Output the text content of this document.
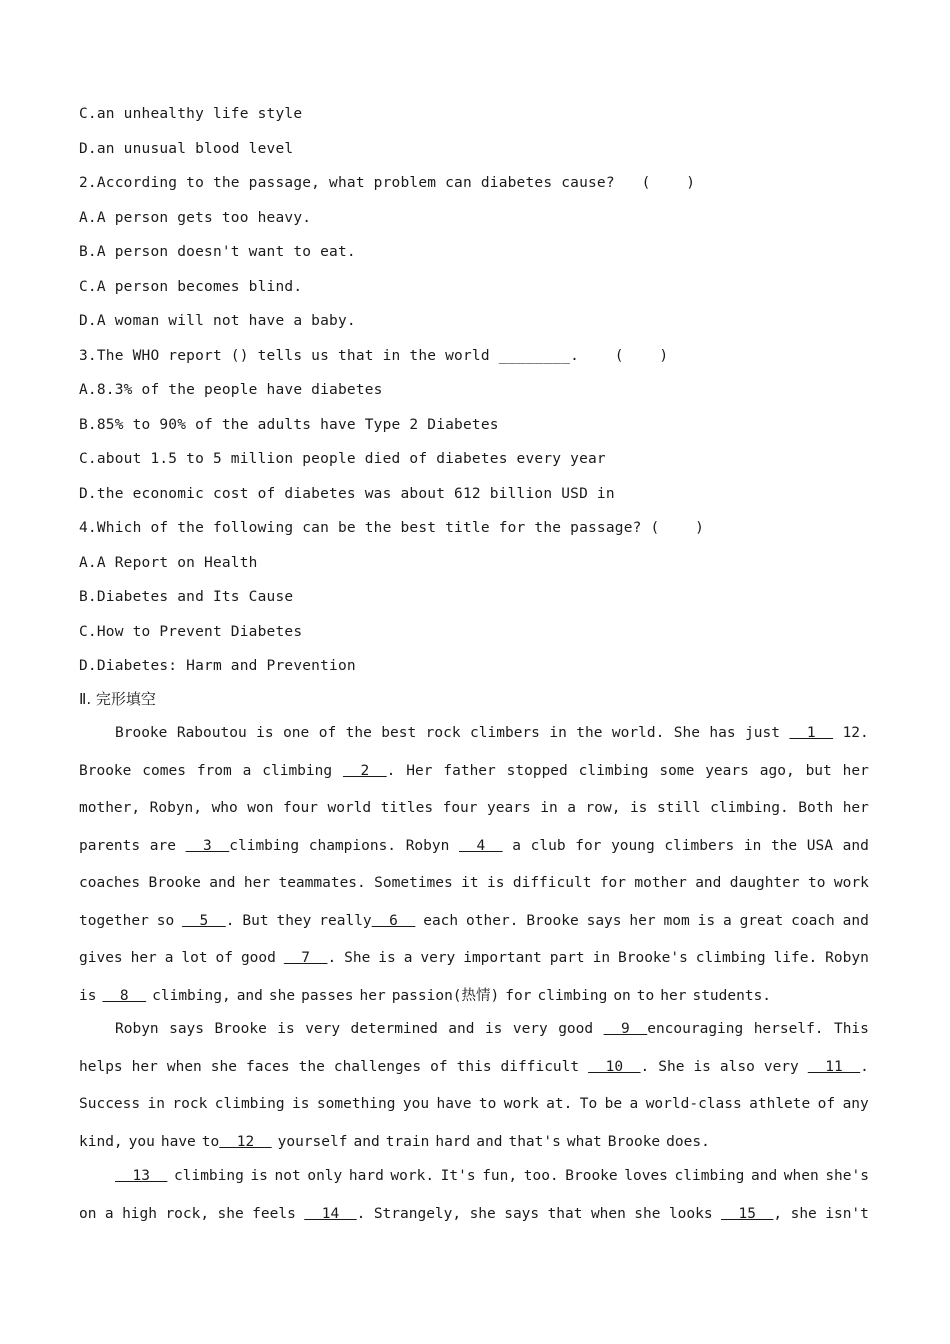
C.an unhealthy life style
D.an unusual blood level
2.According to the passage, what problem can diabetes cause?   (    )
A.A person gets too heavy.
B.A person doesn't want to eat.
C.A person becomes blind.
D.A woman will not have a baby.
3.The WHO report () tells us that in the world ________.    (    )
A.8.3% of the people have diabetes
B.85% to 90% of the adults have Type 2 Diabetes
C.about 1.5 to 5 million people died of diabetes every year
D.the economic cost of diabetes was about 612 billion USD in
4.Which of the following can be the best title for the passage? (    )
A.A Report on Health
B.Diabetes and Its Cause
C.How to Prevent Diabetes
D.Diabetes: Harm and Prevention
Ⅱ. 完形填空
Brooke Raboutou is one of the best rock climbers in the world. She has just 1 12.
Brooke comes from a climbing 2  . Her father stopped climbing some years ago, but her
mother, Robyn, who won four world titles four years in a row, is still climbing. Both her
parents are 3  climbing champions. Robyn 4 a club for young climbers in the USA and
coaches Brooke and her teammates. Sometimes it is difficult for mother and daughter to work
together so 5  . But they really  6 each other. Brooke says her mom is a great coach and
gives her a lot of good 7  . She is a very important part in Brooke's climbing life. Robyn
is 8 climbing, and she passes her passion(热情) for climbing on to her students.
Robyn says Brooke is very determined and is very good 9  encouraging herself. This
helps her when she faces the challenges of this difficult 10  . She is also very 11  .
Success in rock climbing is something you have to work at. To be a world-class athlete of any
kind, you have to  12 yourself and train hard and that's what Brooke does.
13 climbing is not only hard work. It's fun, too. Brooke loves climbing and when she's
on a high rock, she feels 14  . Strangely, she says that when she looks 15  , she isn't
